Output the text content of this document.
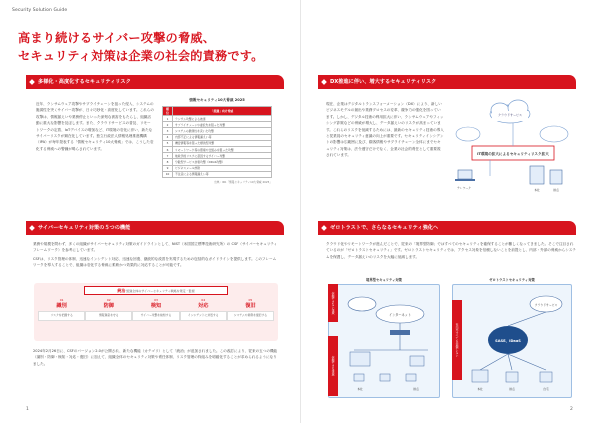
Security Solution Guide
高まり続けるサイバー攻撃の脅威、
セキュリティ対策は企業の社会的責務です。
多様化・高度化するセキュリティリスク
近年、ランサムウェア攻撃やサプライチェーンを狙った侵入、システムの脆弱性を突くサイバー攻撃が、日々巧妙化・高度化しています。これらの攻撃は、情報漏えいや業務停止といった深刻な被害をもたらし、組織活動に重大な影響を及ぼします。また、クラウドサービスの普及、リモートワークの定着、IoTデバイスの増加など、IT環境の変化に伴い、新たなサイバーリスクが顕在化しています。独立行政法人情報処理推進機構（IPA）が毎年発表する「情報セキュリティ10大脅威」では、こうした変化する脅威への警鐘が鳴らされています。
情報セキュリティ10大脅威 2025
順位	「組織」向け脅威
1	ランサム攻撃による被害
2	サプライチェーンや委託先を狙った攻撃
3	システムの脆弱性を突いた攻撃
4	内部不正による情報漏えい等
5	機密情報等を狙った標的型攻撃
6	リモートワーク等の環境や仕組みを狙った攻撃
7	地政学的リスクに起因するサイバー攻撃
8	分散型サービス妨害攻撃（DDoS攻撃）
9	ビジネスメール詐欺
10	不注意による情報漏えい等
出典：IPA「情報セキュリティ10大脅威 2025」
DX推進に伴い、増大するセキュリティリスク
現在、企業はデジタルトランスフォーメーション（DX）により、新しいビジネスモデルの創出や業務プロセスの変革、競争力の強化を図っています。しかし、デジタル技術の利用拡大に伴い、ランサムウェアやフィッシング詐欺などの脅威が増大し、データ漏えいのリスクが高まっています。これらのリスクを低減するためには、最新のセキュリティ技術の導入と従業員のセキュリティ意識の向上が重要です。セキュリティインシデントの影響は広範囲に及び、顧客情報やサプライチェーン全体にまでセキュリティ対策は、法令遵守だけでなく、企業の社会的責任として重要視されています。
クラウドサービス
IT環境の拡大によるセキュリティリスク拡大
テレワーク	本社	拠点
サイバーセキュリティ対策の５つの機能
業務や規模を問わず、多くの組織がサイバーセキュリティ対策のガイドラインとして、NIST（米国国立標準技術研究所）の CSF（サイバーセキュリティフレームワーク）を参考にしています。
CSFは、リスク管理の体制、迅速なインシデント対応、迅速な回復、継続的な改善を実現するための包括的なガイドラインを提供します。このフレームワークを導入することで、組織は変化する脅威に柔軟かつ効果的に対応することが可能です。
統治 組織全体のサイバーセキュリティ戦略を策定・監視
01
識別
リスクを把握する
02
防御
情報資産を守る
03
検知
サイバー攻撃を検知する
04
対応
インシデントに対処する
05
復旧
システムや業務を復旧する
2024年2月26日に、CSFのバージョン2.0が公開され、新たな機能（カテゴリ）として「統治」が追加されました。この改訂により、従来の五つの機能（識別・防御・検知・対応・復旧）に加えて、組織全体のセキュリティ対策や責任体制、リスク管理の枠組みを明確化することが求められるようになりました。
ゼロトラストで、さらなるセキュリティ強化へ
クラウド化やリモートワークが進んだことで、従来の「境界型防御」ではすべてのセキュリティを確保することが難しくなってきました。そこで注目されているのが「ゼロトラストセキュリティ」です。ゼロトラストセキュリティでは、アクセス対象を信頼しないことを前提とし、内部・外部の脅威からシステムを保護し、データ漏えいのリスクを大幅に低減します。
境界型セキュリティ対策	ゼロトラストセキュリティ対策
信頼できない領域
信頼できる領域
インターネット
本社	拠点
社内外すべてを信頼しない
クラウドサービス
SASE、IDaaS
本社	拠点	自宅
1	2
